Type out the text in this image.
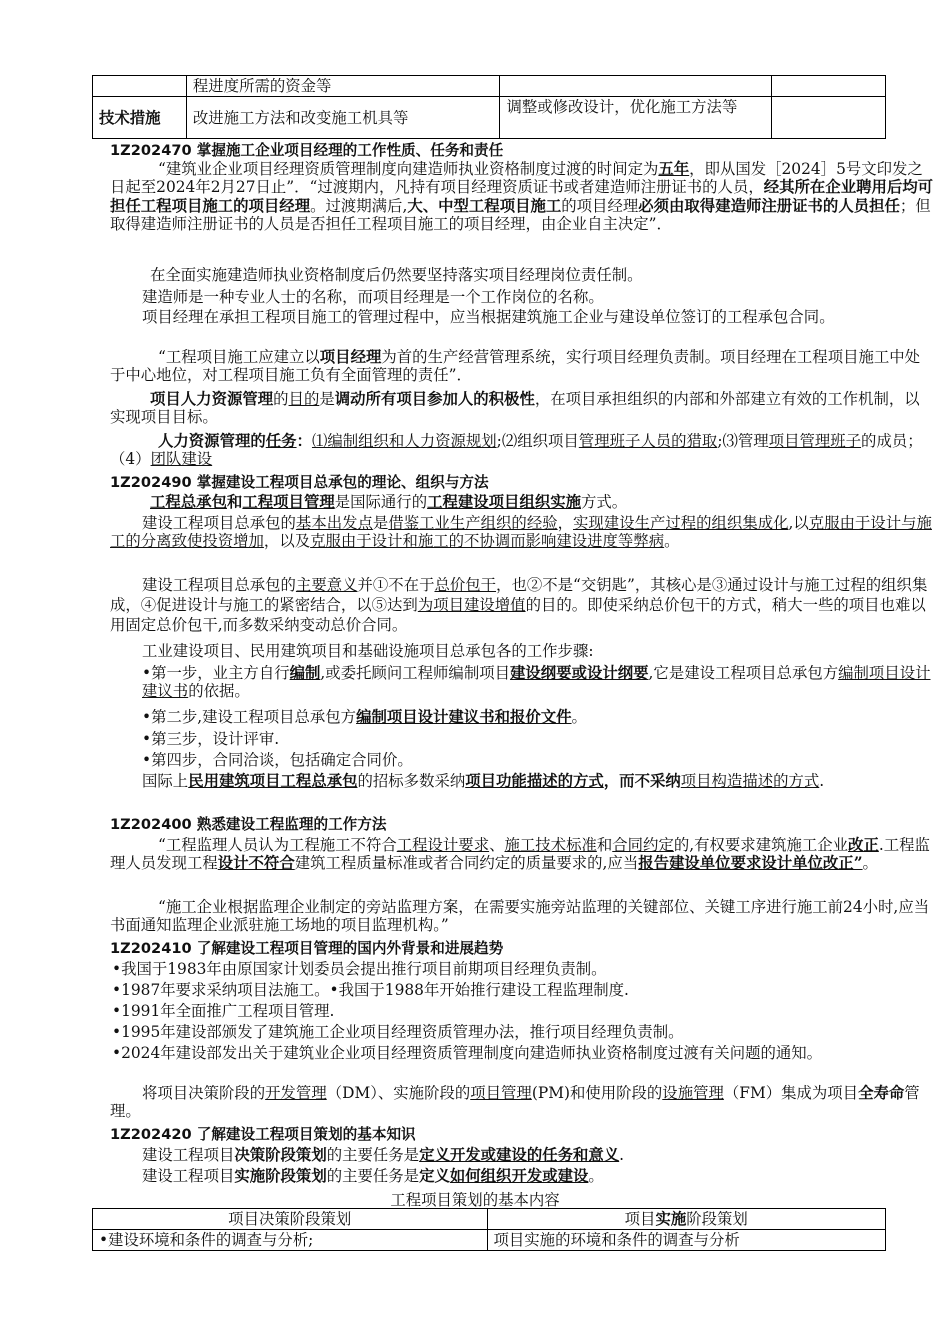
	程进度所需的资金等		
技术措施	改进施工方法和改变施工机具等	调整或修改设计，优化施工方法等	
1Z202470 掌握施工企业项目经理的工作性质、任务和责任
“建筑业企业项目经理资质管理制度向建造师执业资格制度过渡的时间定为五年，即从国发［2024］5号文印发之日起至2024年2月27日止”．“过渡期内，凡持有项目经理资质证书或者建造师注册证书的人员，经其所在企业聘用后均可担任工程项目施工的项目经理。过渡期满后,大、中型工程项目施工的项目经理必须由取得建造师注册证书的人员担任；但取得建造师注册证书的人员是否担任工程项目施工的项目经理，由企业自主决定”．
在全面实施建造师执业资格制度后仍然要坚持落实项目经理岗位责任制。
建造师是一种专业人士的名称，而项目经理是一个工作岗位的名称。
项目经理在承担工程项目施工的管理过程中，应当根据建筑施工企业与建设单位签订的工程承包合同。
“工程项目施工应建立以项目经理为首的生产经营管理系统，实行项目经理负责制。项目经理在工程项目施工中处于中心地位，对工程项目施工负有全面管理的责任”．
项目人力资源管理的目的是调动所有项目参加人的积极性，在项目承担组织的内部和外部建立有效的工作机制，以实现项目目标。
人力资源管理的任务：⑴编制组织和人力资源规划;⑵组织项目管理班子人员的猎取;⑶管理项目管理班子的成员；（4）团队建设
1Z202490 掌握建设工程项目总承包的理论、组织与方法
工程总承包和工程项目管理是国际通行的工程建设项目组织实施方式。
建设工程项目总承包的基本出发点是借鉴工业生产组织的经验，实现建设生产过程的组织集成化,以克服由于设计与施工的分离致使投资增加，以及克服由于设计和施工的不协调而影响建设进度等弊病。
建设工程项目总承包的主要意义并①不在于总价包干，也②不是“交钥匙”，其核心是③通过设计与施工过程的组织集成，④促进设计与施工的紧密结合，以⑤达到为项目建设增值的目的。即使采纳总价包干的方式，稍大一些的项目也难以用固定总价包干,而多数采纳变动总价合同。
工业建设项目、民用建筑项目和基础设施项目总承包各的工作步骤:
•第一步，业主方自行编制,或委托顾问工程师编制项目建设纲要或设计纲要,它是建设工程项目总承包方编制项目设计建议书的依据。
•第二步,建设工程项目总承包方编制项目设计建议书和报价文件。
•第三步，设计评审.
•第四步，合同洽谈，包括确定合同价。
国际上民用建筑项目工程总承包的招标多数采纳项目功能描述的方式，而不采纳项目构造描述的方式.
1Z202400 熟悉建设工程监理的工作方法
“工程监理人员认为工程施工不符合工程设计要求、施工技术标准和合同约定的,有权要求建筑施工企业改正.工程监理人员发现工程设计不符合建筑工程质量标准或者合同约定的质量要求的,应当报告建设单位要求设计单位改正”。
“施工企业根据监理企业制定的旁站监理方案，在需要实施旁站监理的关键部位、关键工序进行施工前24小时,应当书面通知监理企业派驻施工场地的项目监理机构。”
1Z202410 了解建设工程项目管理的国内外背景和进展趋势
•我国于1983年由原国家计划委员会提出推行项目前期项目经理负责制。
•1987年要求采纳项目法施工。•我国于1988年开始推行建设工程监理制度.
•1991年全面推广工程项目管理.
•1995年建设部颁发了建筑施工企业项目经理资质管理办法，推行项目经理负责制。
•2024年建设部发出关于建筑业企业项目经理资质管理制度向建造师执业资格制度过渡有关问题的通知。
将项目决策阶段的开发管理（DM）、实施阶段的项目管理(PM)和使用阶段的设施管理（FM）集成为项目全寿命管理。
1Z202420 了解建设工程项目策划的基本知识
建设工程项目决策阶段策划的主要任务是定义开发或建设的任务和意义.
建设工程项目实施阶段策划的主要任务是定义如何组织开发或建设。
工程项目策划的基本内容
项目决策阶段策划	项目实施阶段策划
•建设环境和条件的调查与分析;	项目实施的环境和条件的调查与分析
